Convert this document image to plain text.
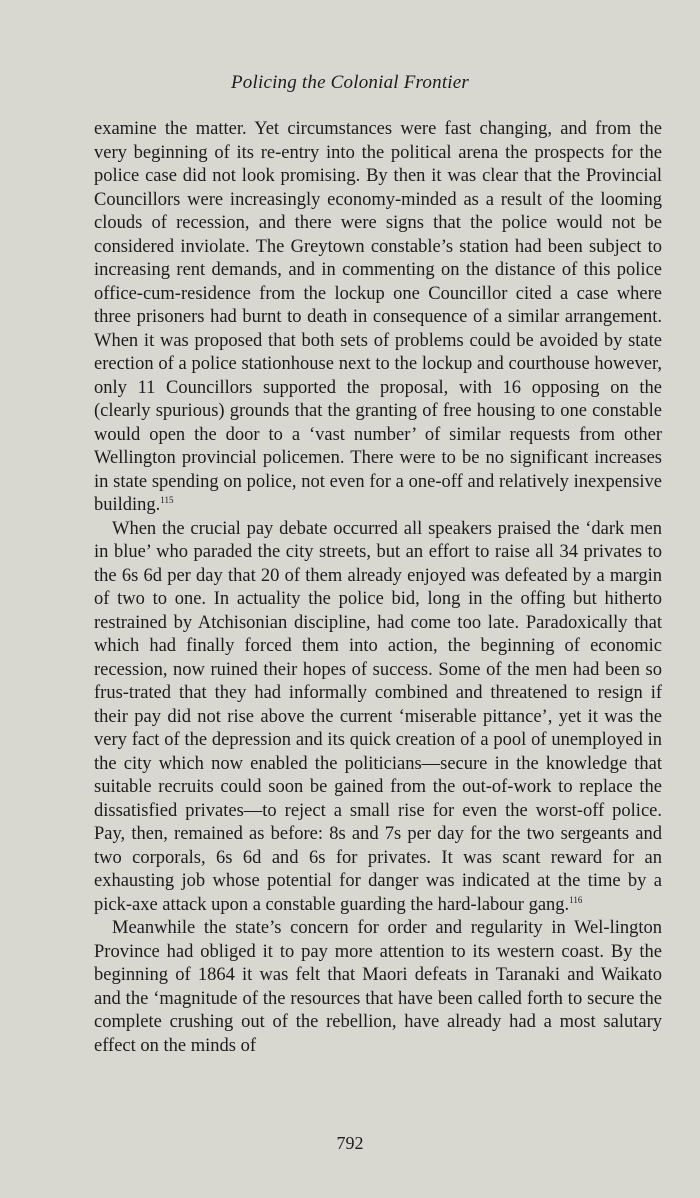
Policing the Colonial Frontier

examine the matter. Yet circumstances were fast changing, and from the very beginning of its re-entry into the political arena the prospects for the police case did not look promising. By then it was clear that the Provincial Councillors were increasingly economy-minded as a result of the looming clouds of recession, and there were signs that the police would not be considered inviolate. The Greytown constable’s station had been subject to increasing rent demands, and in commenting on the distance of this police office-cum-residence from the lockup one Councillor cited a case where three prisoners had burnt to death in consequence of a similar arrangement. When it was proposed that both sets of problems could be avoided by state erection of a police stationhouse next to the lockup and courthouse however, only 11 Councillors supported the proposal, with 16 opposing on the (clearly spurious) grounds that the granting of free housing to one constable would open the door to a ‘vast number’ of similar requests from other Wellington provincial policemen. There were to be no significant increases in state spending on police, not even for a one-off and relatively inexpensive building.$^{115}$

When the crucial pay debate occurred all speakers praised the ‘dark men in blue’ who paraded the city streets, but an effort to raise all 34 privates to the 6s 6d per day that 20 of them already enjoyed was defeated by a margin of two to one. In actuality the police bid, long in the offing but hitherto restrained by Atchisonian discipline, had come too late. Paradoxically that which had finally forced them into action, the beginning of economic recession, now ruined their hopes of success. Some of the men had been so frus-trated that they had informally combined and threatened to resign if their pay did not rise above the current ‘miserable pittance’, yet it was the very fact of the depression and its quick creation of a pool of unemployed in the city which now enabled the politicians—secure in the knowledge that suitable recruits could soon be gained from the out-of-work to replace the dissatisfied privates—to reject a small rise for even the worst-off police. Pay, then, remained as before: 8s and 7s per day for the two sergeants and two corporals, 6s 6d and 6s for privates. It was scant reward for an exhausting job whose potential for danger was indicated at the time by a pick-axe attack upon a constable guarding the hard-labour gang.$^{116}$

Meanwhile the state’s concern for order and regularity in Wel-lington Province had obliged it to pay more attention to its western coast. By the beginning of 1864 it was felt that Maori defeats in Taranaki and Waikato and the ‘magnitude of the resources that have been called forth to secure the complete crushing out of the rebellion, have already had a most salutary effect on the minds of

792
